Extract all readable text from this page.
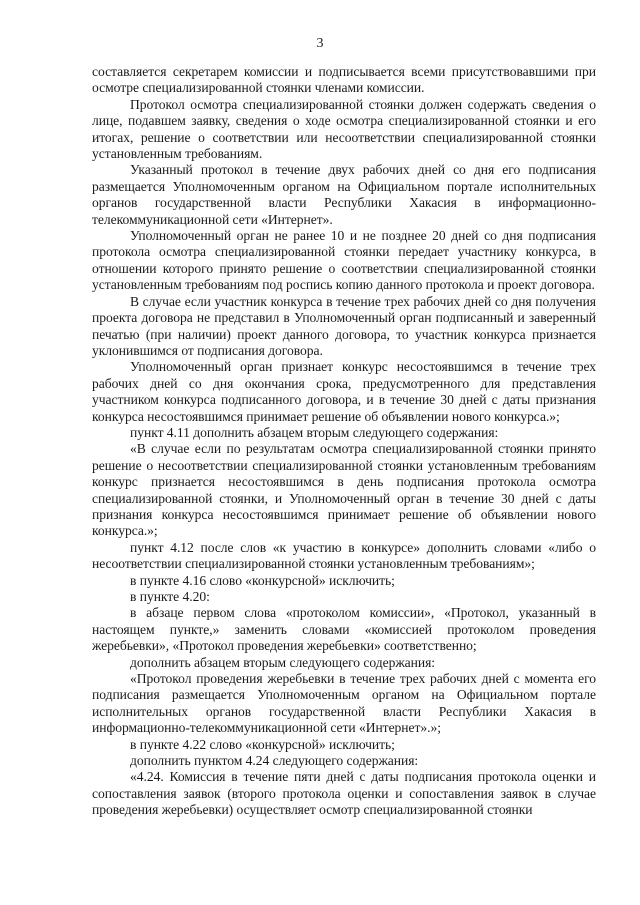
3

составляется секретарем комиссии и подписывается всеми присутствовавшими при осмотре специализированной стоянки членами комиссии.

Протокол осмотра специализированной стоянки должен содержать сведения о лице, подавшем заявку, сведения о ходе осмотра специализированной стоянки и его итогах, решение о соответствии или несоответствии специализированной стоянки установленным требованиям.

Указанный протокол в течение двух рабочих дней со дня его подписания размещается Уполномоченным органом на Официальном портале исполнительных органов государственной власти Республики Хакасия в информационно-телекоммуникационной сети «Интернет».

Уполномоченный орган не ранее 10 и не позднее 20 дней со дня подписания протокола осмотра специализированной стоянки передает участнику конкурса, в отношении которого принято решение о соответствии специализированной стоянки установленным требованиям под роспись копию данного протокола и проект договора.

В случае если участник конкурса в течение трех рабочих дней со дня получения проекта договора не представил в Уполномоченный орган подписанный и заверенный печатью (при наличии) проект данного договора, то участник конкурса признается уклонившимся от подписания договора.

Уполномоченный орган признает конкурс несостоявшимся в течение трех рабочих дней со дня окончания срока, предусмотренного для представления участником конкурса подписанного договора, и в течение 30 дней с даты признания конкурса несостоявшимся принимает решение об объявлении нового конкурса.»;

пункт 4.11 дополнить абзацем вторым следующего содержания:

«В случае если по результатам осмотра специализированной стоянки принято решение о несоответствии специализированной стоянки установленным требованиям конкурс признается несостоявшимся в день подписания протокола осмотра специализированной стоянки, и Уполномоченный орган в течение 30 дней с даты признания конкурса несостоявшимся принимает решение об объявлении нового конкурса.»;

пункт 4.12 после слов «к участию в конкурсе» дополнить словами «либо о несоответствии специализированной стоянки установленным требованиям»;

в пункте 4.16 слово «конкурсной» исключить;

в пункте 4.20:

в абзаце первом слова «протоколом комиссии», «Протокол, указанный в настоящем пункте,» заменить словами «комиссией протоколом проведения жеребьевки», «Протокол проведения жеребьевки» соответственно;

дополнить абзацем вторым следующего содержания:

«Протокол проведения жеребьевки в течение трех рабочих дней с момента его подписания размещается Уполномоченным органом на Официальном портале исполнительных органов государственной власти Республики Хакасия в информационно-телекоммуникационной сети «Интернет».»;

в пункте 4.22 слово «конкурсной» исключить;

дополнить пунктом 4.24 следующего содержания:

«4.24. Комиссия в течение пяти дней с даты подписания протокола оценки и сопоставления заявок (второго протокола оценки и сопоставления заявок в случае проведения жеребьевки) осуществляет осмотр специализированной стоянки
